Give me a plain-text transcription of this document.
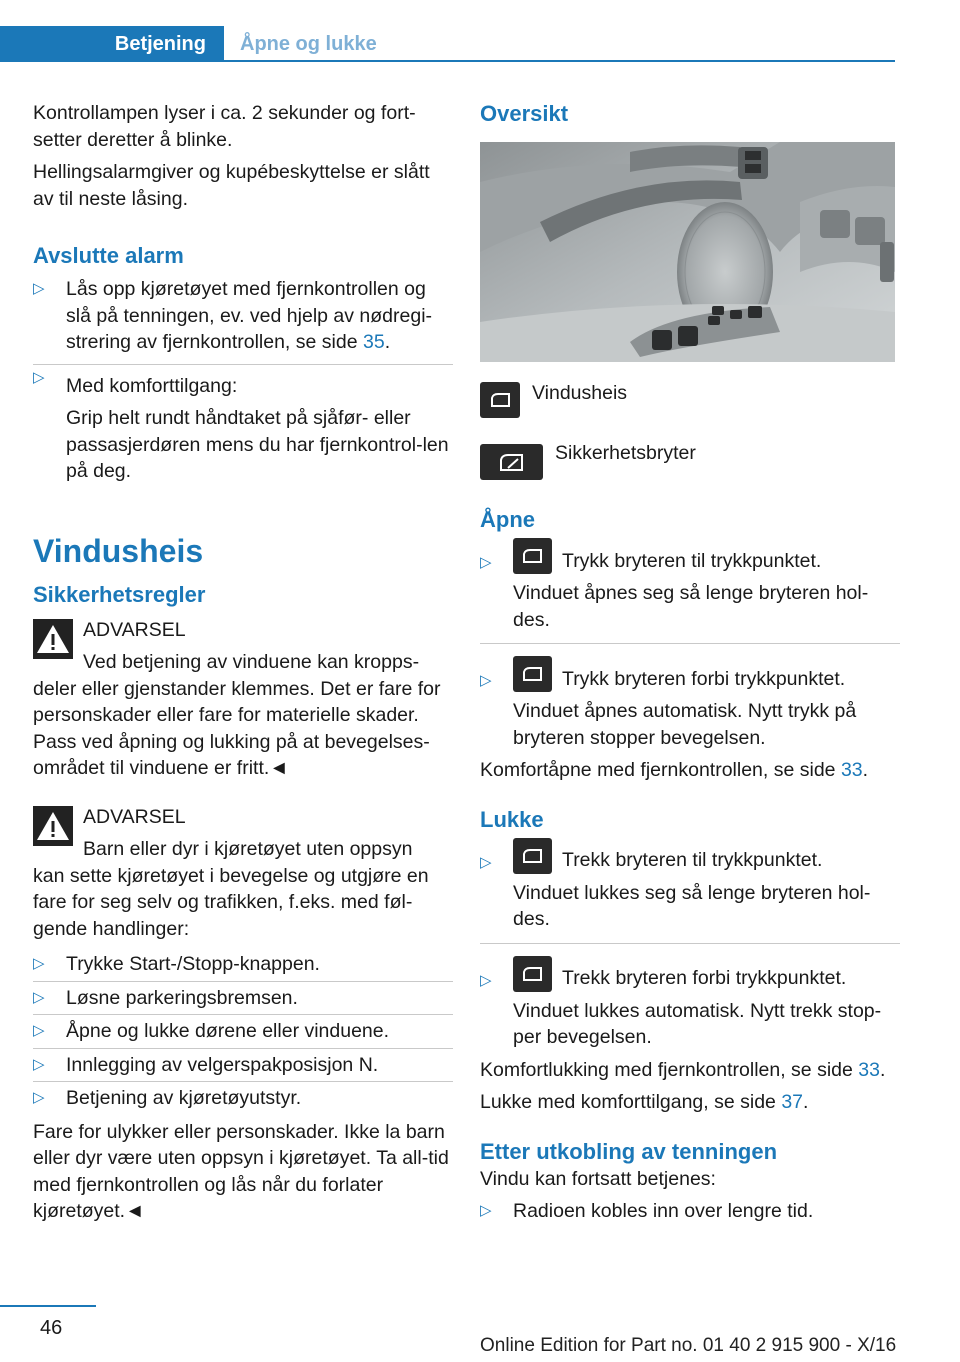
Betjening	Åpne og lukke

Kontrollampen lyser i ca. 2 sekunder og fort‐setter deretter å blinke.

Hellingsalarmgiver og kupébeskyttelse er slått av til neste låsing.

Avslutte alarm
▷ Lås opp kjøretøyet med fjernkontrollen og slå på tenningen, ev. ved hjelp av nødregi‐strering av fjernkontrollen, se side 35.
▷ Med komforttilgang:
Grip helt rundt håndtaket på sjåfør- eller passasjerdøren mens du har fjernkontrol‐len på deg.
Vindusheis
Sikkerhetsregler
ADVARSEL
Ved betjening av vinduene kan kropps‐
deler eller gjenstander klemmes. Det er fare for personskader eller fare for materielle skader. Pass ved åpning og lukking på at bevegelses‐området til vinduene er fritt.◄
ADVARSEL
Barn eller dyr i kjøretøyet uten oppsyn
kan sette kjøretøyet i bevegelse og utgjøre en fare for seg selv og trafikken, f.eks. med føl‐gende handlinger:
▷ Trykke Start-/Stopp-knappen.
▷ Løsne parkeringsbremsen.
▷ Åpne og lukke dørene eller vinduene.
▷ Innlegging av velgerspakposisjon N.
▷ Betjening av kjøretøyutstyr.

Fare for ulykker eller personskader. Ikke la barn eller dyr være uten oppsyn i kjøretøyet. Ta all‐tid med fjernkontrollen og lås når du forlater kjøretøyet.◄

Oversikt
Vindusheis
Sikkerhetsbryter
Åpne
▷	Trykk bryteren til trykkpunktet.
Vinduet åpnes seg så lenge bryteren hol‐des.
▷	Trykk bryteren forbi trykkpunktet.
Vinduet åpnes automatisk. Nytt trykk på bryteren stopper bevegelsen.

Komfortåpne med fjernkontrollen, se side 33.

Lukke
▷	Trekk bryteren til trykkpunktet.
Vinduet lukkes seg så lenge bryteren hol‐des.
▷	Trekk bryteren forbi trykkpunktet.
Vinduet lukkes automatisk. Nytt trekk stop‐per bevegelsen.

Komfortlukking med fjernkontrollen, se side 33.

Lukke med komforttilgang, se side 37.

Etter utkobling av tenningen

Vindu kan fortsatt betjenes:

▷ Radioen kobles inn over lengre tid.
46
Online Edition for Part no. 01 40 2 915 900 - X/16
